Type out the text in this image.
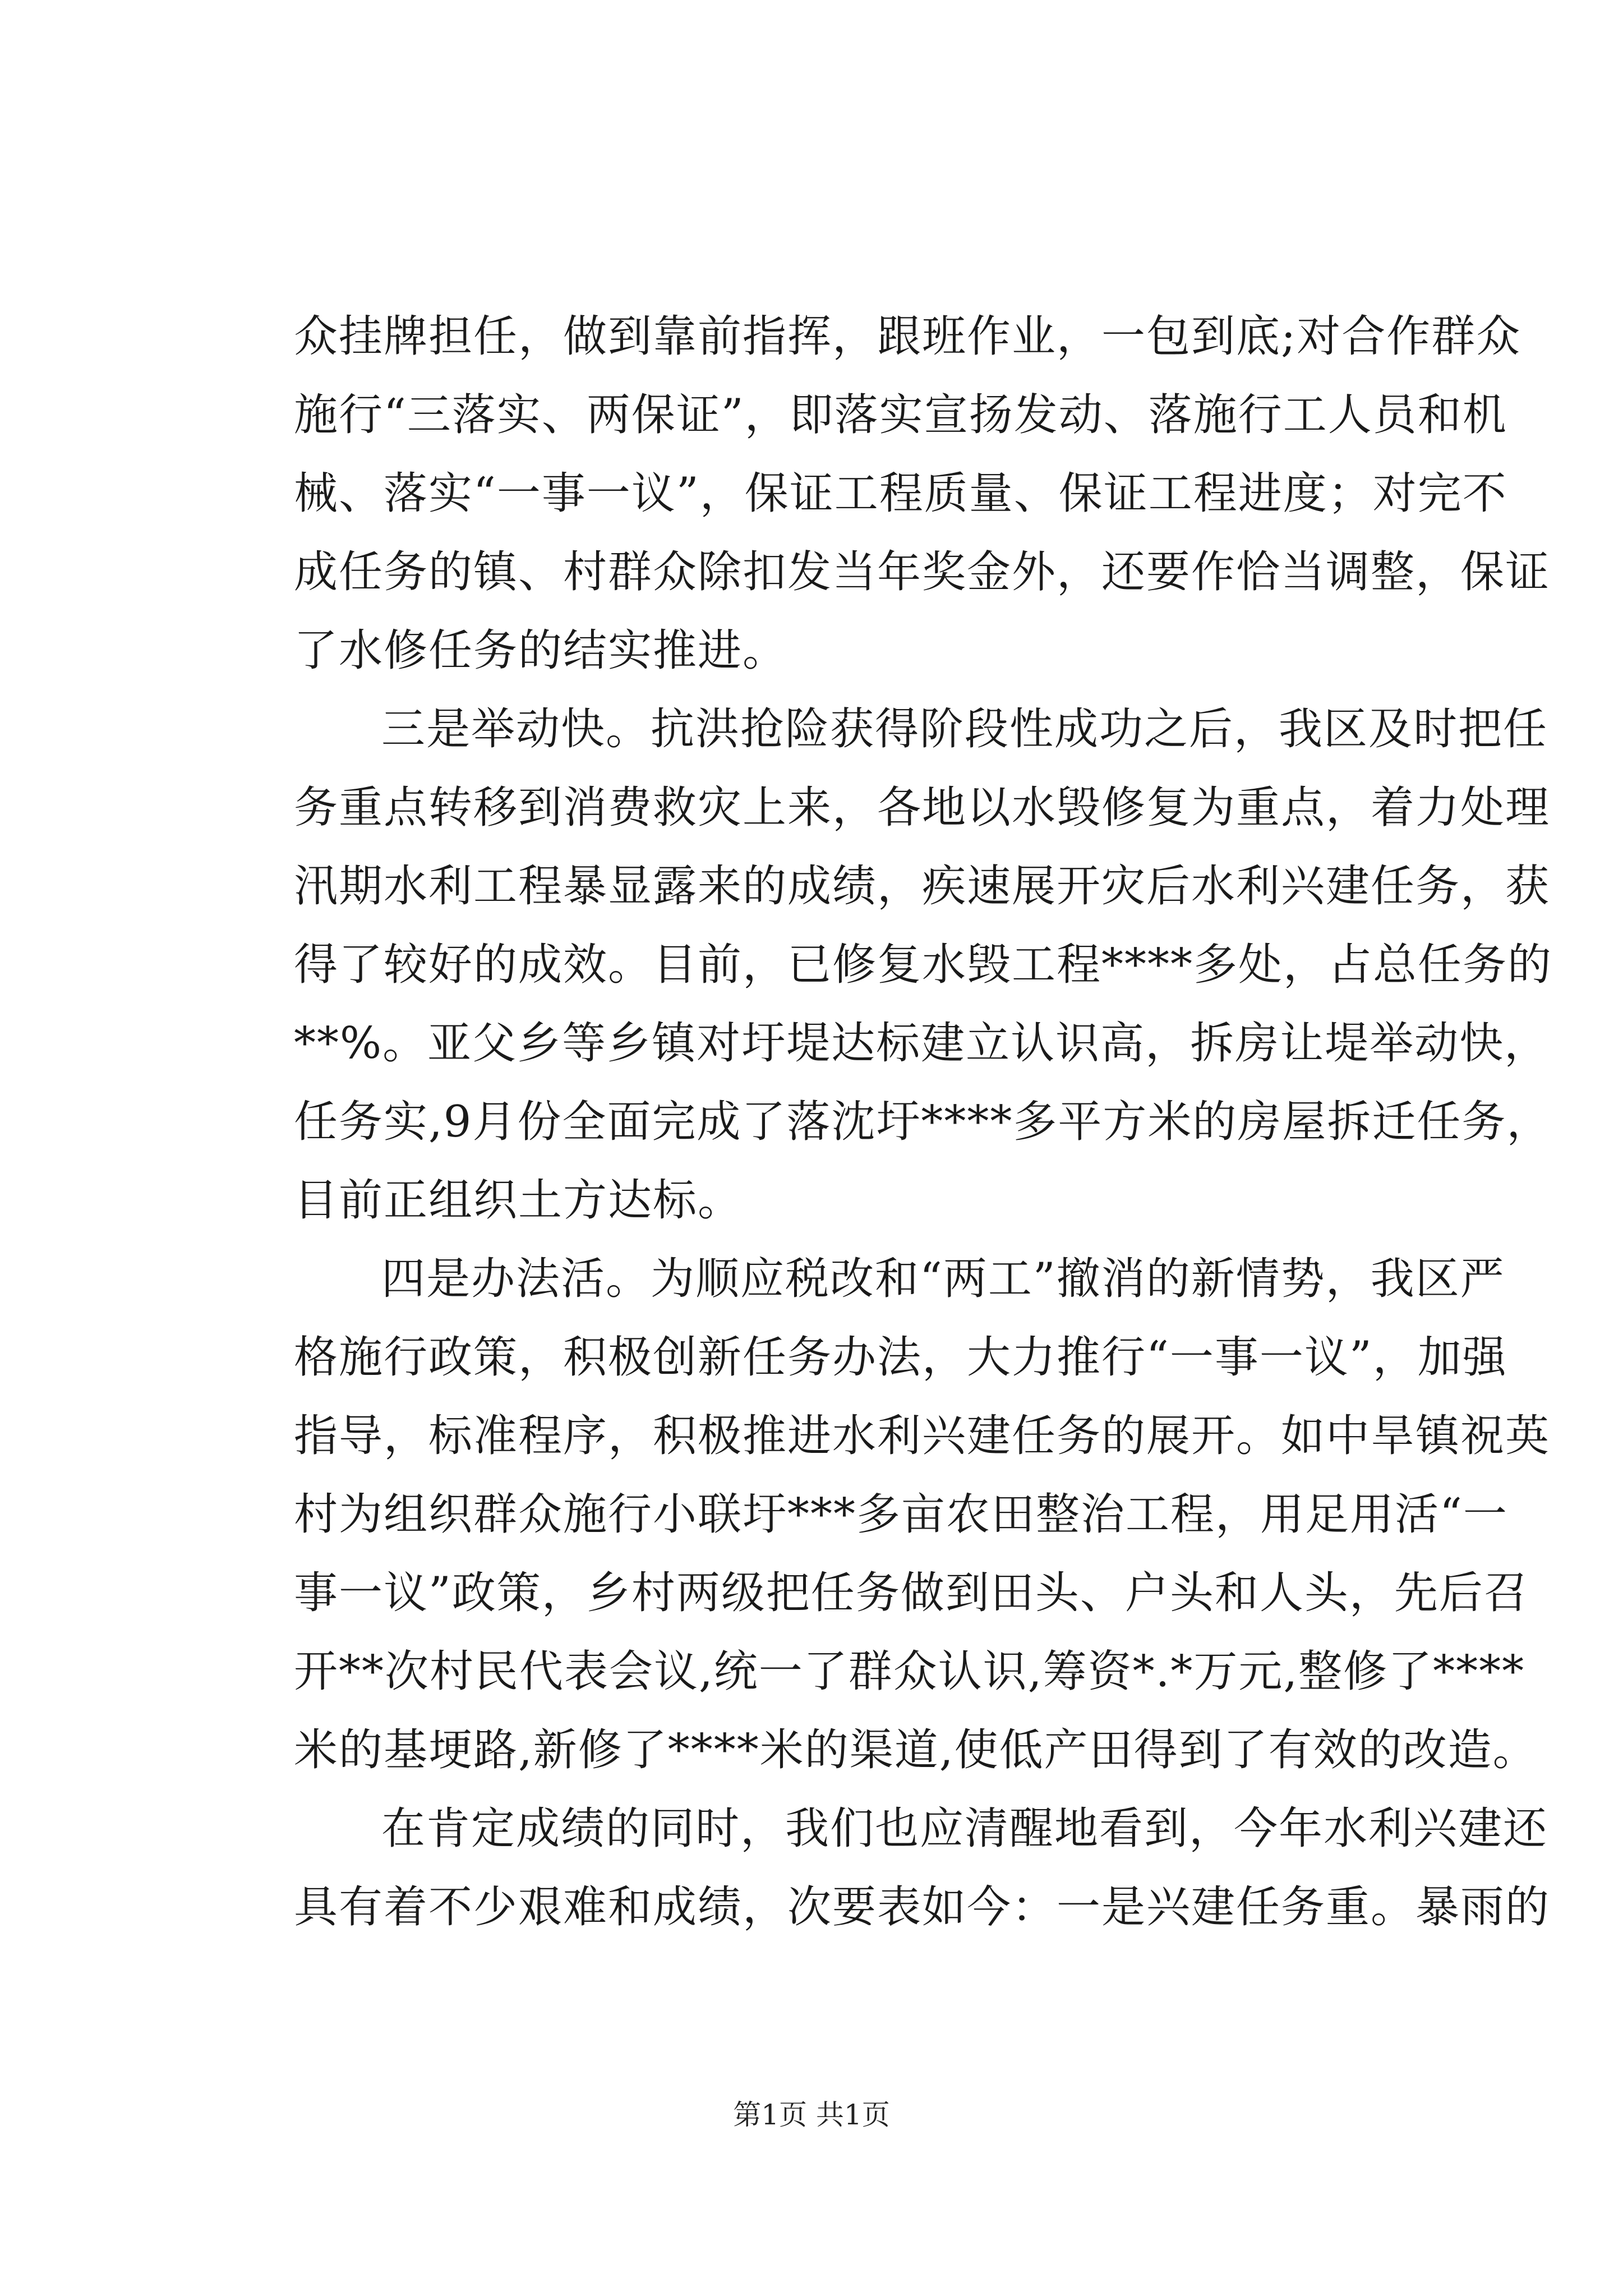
众挂牌担任，做到靠前指挥，跟班作业，一包到底;对合作群众
施行“三落实、两保证”，即落实宣扬发动、落施行工人员和机
械、落实“一事一议”，保证工程质量、保证工程进度；对完不
成任务的镇、村群众除扣发当年奖金外，还要作恰当调整，保证
了水修任务的结实推进。
三是举动快。抗洪抢险获得阶段性成功之后，我区及时把任
务重点转移到消费救灾上来，各地以水毁修复为重点，着力处理
汛期水利工程暴显露来的成绩，疾速展开灾后水利兴建任务，获
得了较好的成效。目前，已修复水毁工程****多处，占总任务的
**%。亚父乡等乡镇对圩堤达标建立认识高，拆房让堤举动快，
任务实,9月份全面完成了落沈圩****多平方米的房屋拆迁任务，
目前正组织土方达标。
四是办法活。为顺应税改和“两工”撤消的新情势，我区严
格施行政策，积极创新任务办法，大力推行“一事一议”，加强
指导，标准程序，积极推进水利兴建任务的展开。如中旱镇祝英
村为组织群众施行小联圩***多亩农田整治工程，用足用活“一
事一议”政策，乡村两级把任务做到田头、户头和人头，先后召
开**次村民代表会议,统一了群众认识,筹资*.*万元,整修了****
米的基埂路,新修了****米的渠道,使低产田得到了有效的改造。
在肯定成绩的同时，我们也应清醒地看到，今年水利兴建还
具有着不少艰难和成绩，次要表如今：一是兴建任务重。暴雨的
第1页 共1页
